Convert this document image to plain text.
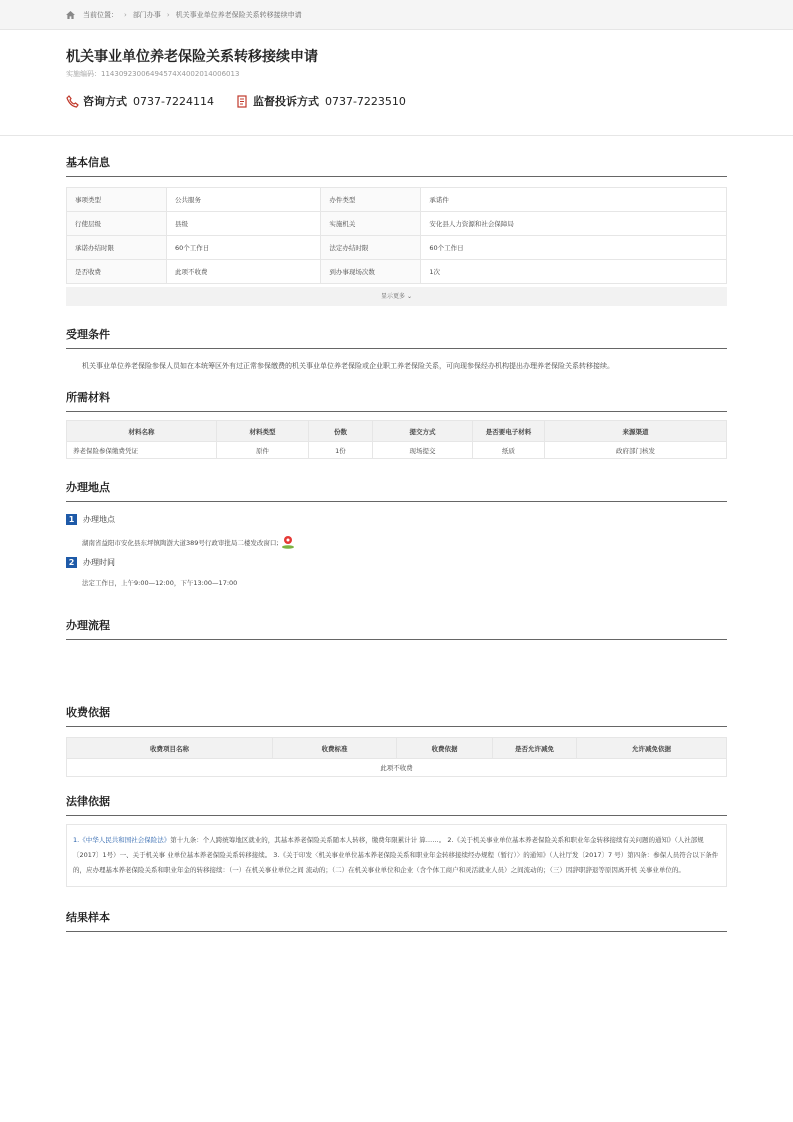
当前位置： › 部门办事 › 机关事业单位养老保险关系转移接续申请
机关事业单位养老保险关系转移接续申请
实施编码：11430923006494574X4002014006013
咨询方式 0737-7224114	监督投诉方式 0737-7223510
基本信息
事项类型	公共服务	办件类型	承诺件
行使层级	县级	实施机关	安化县人力资源和社会保障局
承诺办结时限	60个工作日	法定办结时限	60个工作日
是否收费	此项不收费	到办事现场次数	1次
显示更多 ⌄
受理条件
机关事业单位养老保险参保人员如在本统筹区外有过正常参保缴费的机关事业单位养老保险或企业职工养老保险关系，可向现参保经办机构提出办理养老保险关系转移接续。
所需材料
材料名称	材料类型	份数	提交方式	是否要电子材料	来源渠道
养老保险参保缴费凭证	原件	1份	现场提交	纸质	政府部门核发
办理地点
1	办理地点
湖南省益阳市安化县东坪镇陶澍大道389号行政审批局二楼发改窗口;
2	办理时间
法定工作日，上午9:00—12:00，下午13:00—17:00
办理流程
收费依据
收费项目名称	收费标准	收费依据	是否允许减免	允许减免依据
此项不收费
法律依据
1.《中华人民共和国社会保险法》第十九条：个人跨统筹地区就业的，其基本养老保险关系随本人转移，缴费年限累计计 算……。 2.《关于机关事业单位基本养老保险关系和职业年金转移接续有关问题的通知》（人社部规〔2017〕1号）一、关于机关事 业单位基本养老保险关系转移接续。 3.《关于印发〈机关事业单位基本养老保险关系和职业年金转移接续经办规程（暂行）〉的通知》（人社厅发〔2017〕7 号）第四条：参保人员符合以下条件的，应办理基本养老保险关系和职业年金的转移接续：（一）在机关事业单位之间 流动的；（二）在机关事业单位和企业（含个体工商户和灵活就业人员）之间流动的；（三）因辞职辞退等原因离开机 关事业单位的。
结果样本
